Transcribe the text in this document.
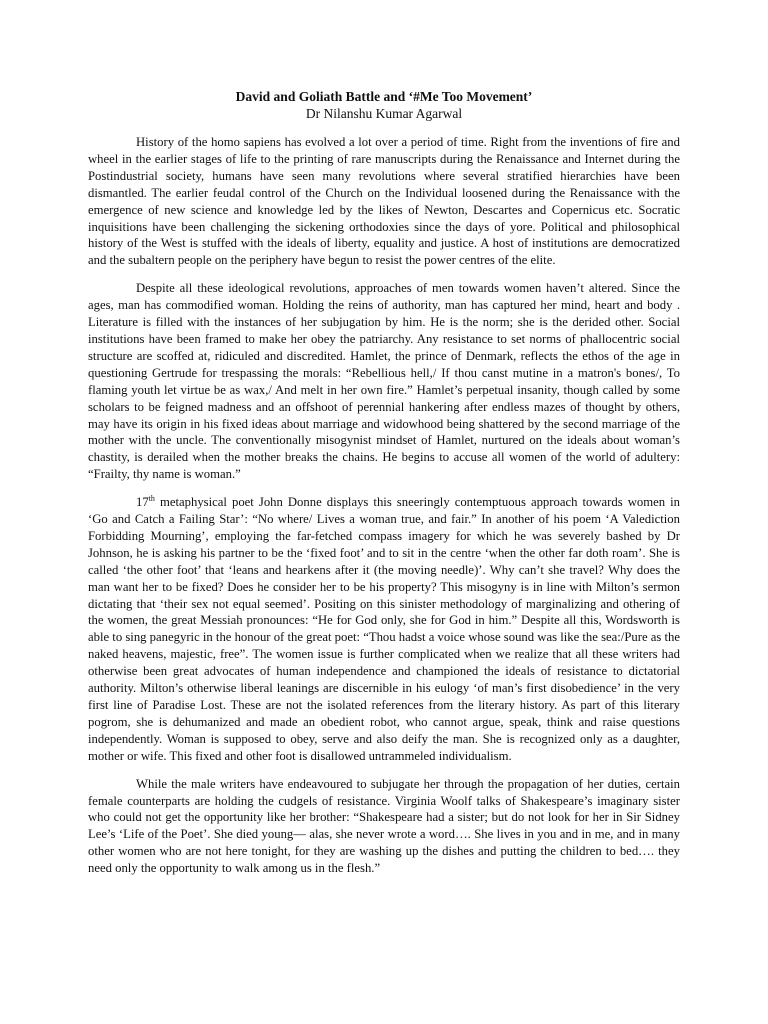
David and Goliath Battle and ‘#Me Too Movement’

Dr Nilanshu Kumar Agarwal

History of the homo sapiens has evolved a lot over a period of time. Right from the inventions of fire and wheel in the earlier stages of life to the printing of rare manuscripts during the Renaissance and Internet during the Postindustrial society, humans have seen many revolutions where several stratified hierarchies have been dismantled. The earlier feudal control of the Church on the Individual loosened during the Renaissance with the emergence of new science and knowledge led by the likes of Newton, Descartes and Copernicus etc. Socratic inquisitions have been challenging the sickening orthodoxies since the days of yore. Political and philosophical history of the West is stuffed with the ideals of liberty, equality and justice. A host of institutions are democratized and the subaltern people on the periphery have begun to resist the power centres of the elite.

Despite all these ideological revolutions, approaches of men towards women haven’t altered. Since the ages, man has commodified woman. Holding the reins of authority, man has captured her mind, heart and body . Literature is filled with the instances of her subjugation by him. He is the norm; she is the derided other. Social institutions have been framed to make her obey the patriarchy. Any resistance to set norms of phallocentric social structure are scoffed at, ridiculed and discredited. Hamlet, the prince of Denmark, reflects the ethos of the age in questioning Gertrude for trespassing the morals: “Rebellious hell,/ If thou canst mutine in a matron's bones/, To flaming youth let virtue be as wax,/ And melt in her own fire.” Hamlet’s perpetual insanity, though called by some scholars to be feigned madness and an offshoot of perennial hankering after endless mazes of thought by others, may have its origin in his fixed ideas about marriage and widowhood being shattered by the second marriage of the mother with the uncle. The conventionally misogynist mindset of Hamlet, nurtured on the ideals about woman’s chastity, is derailed when the mother breaks the chains. He begins to accuse all women of the world of adultery: “Frailty, thy name is woman.”

17th metaphysical poet John Donne displays this sneeringly contemptuous approach towards women in ‘Go and Catch a Failing Star’: “No where/ Lives a woman true, and fair.” In another of his poem ‘A Valediction Forbidding Mourning’, employing the far-fetched compass imagery for which he was severely bashed by Dr Johnson, he is asking his partner to be the ‘fixed foot’ and to sit in the centre ‘when the other far doth roam’. She is called ‘the other foot’ that ‘leans and hearkens after it (the moving needle)’. Why can’t she travel? Why does the man want her to be fixed? Does he consider her to be his property? This misogyny is in line with Milton’s sermon dictating that ‘their sex not equal seemed’. Positing on this sinister methodology of marginalizing and othering of the women, the great Messiah pronounces: “He for God only, she for God in him.” Despite all this, Wordsworth is able to sing panegyric in the honour of the great poet: “Thou hadst a voice whose sound was like the sea:/Pure as the naked heavens, majestic, free”. The women issue is further complicated when we realize that all these writers had otherwise been great advocates of human independence and championed the ideals of resistance to dictatorial authority. Milton’s otherwise liberal leanings are discernible in his eulogy ‘of man’s first disobedience’ in the very first line of Paradise Lost. These are not the isolated references from the literary history. As part of this literary pogrom, she is dehumanized and made an obedient robot, who cannot argue, speak, think and raise questions independently. Woman is supposed to obey, serve and also deify the man. She is recognized only as a daughter, mother or wife. This fixed and other foot is disallowed untrammeled individualism.

While the male writers have endeavoured to subjugate her through the propagation of her duties, certain female counterparts are holding the cudgels of resistance. Virginia Woolf talks of Shakespeare’s imaginary sister who could not get the opportunity like her brother: “Shakespeare had a sister; but do not look for her in Sir Sidney Lee’s ‘Life of the Poet’. She died young— alas, she never wrote a word…. She lives in you and in me, and in many other women who are not here tonight, for they are washing up the dishes and putting the children to bed…. they need only the opportunity to walk among us in the flesh.”
